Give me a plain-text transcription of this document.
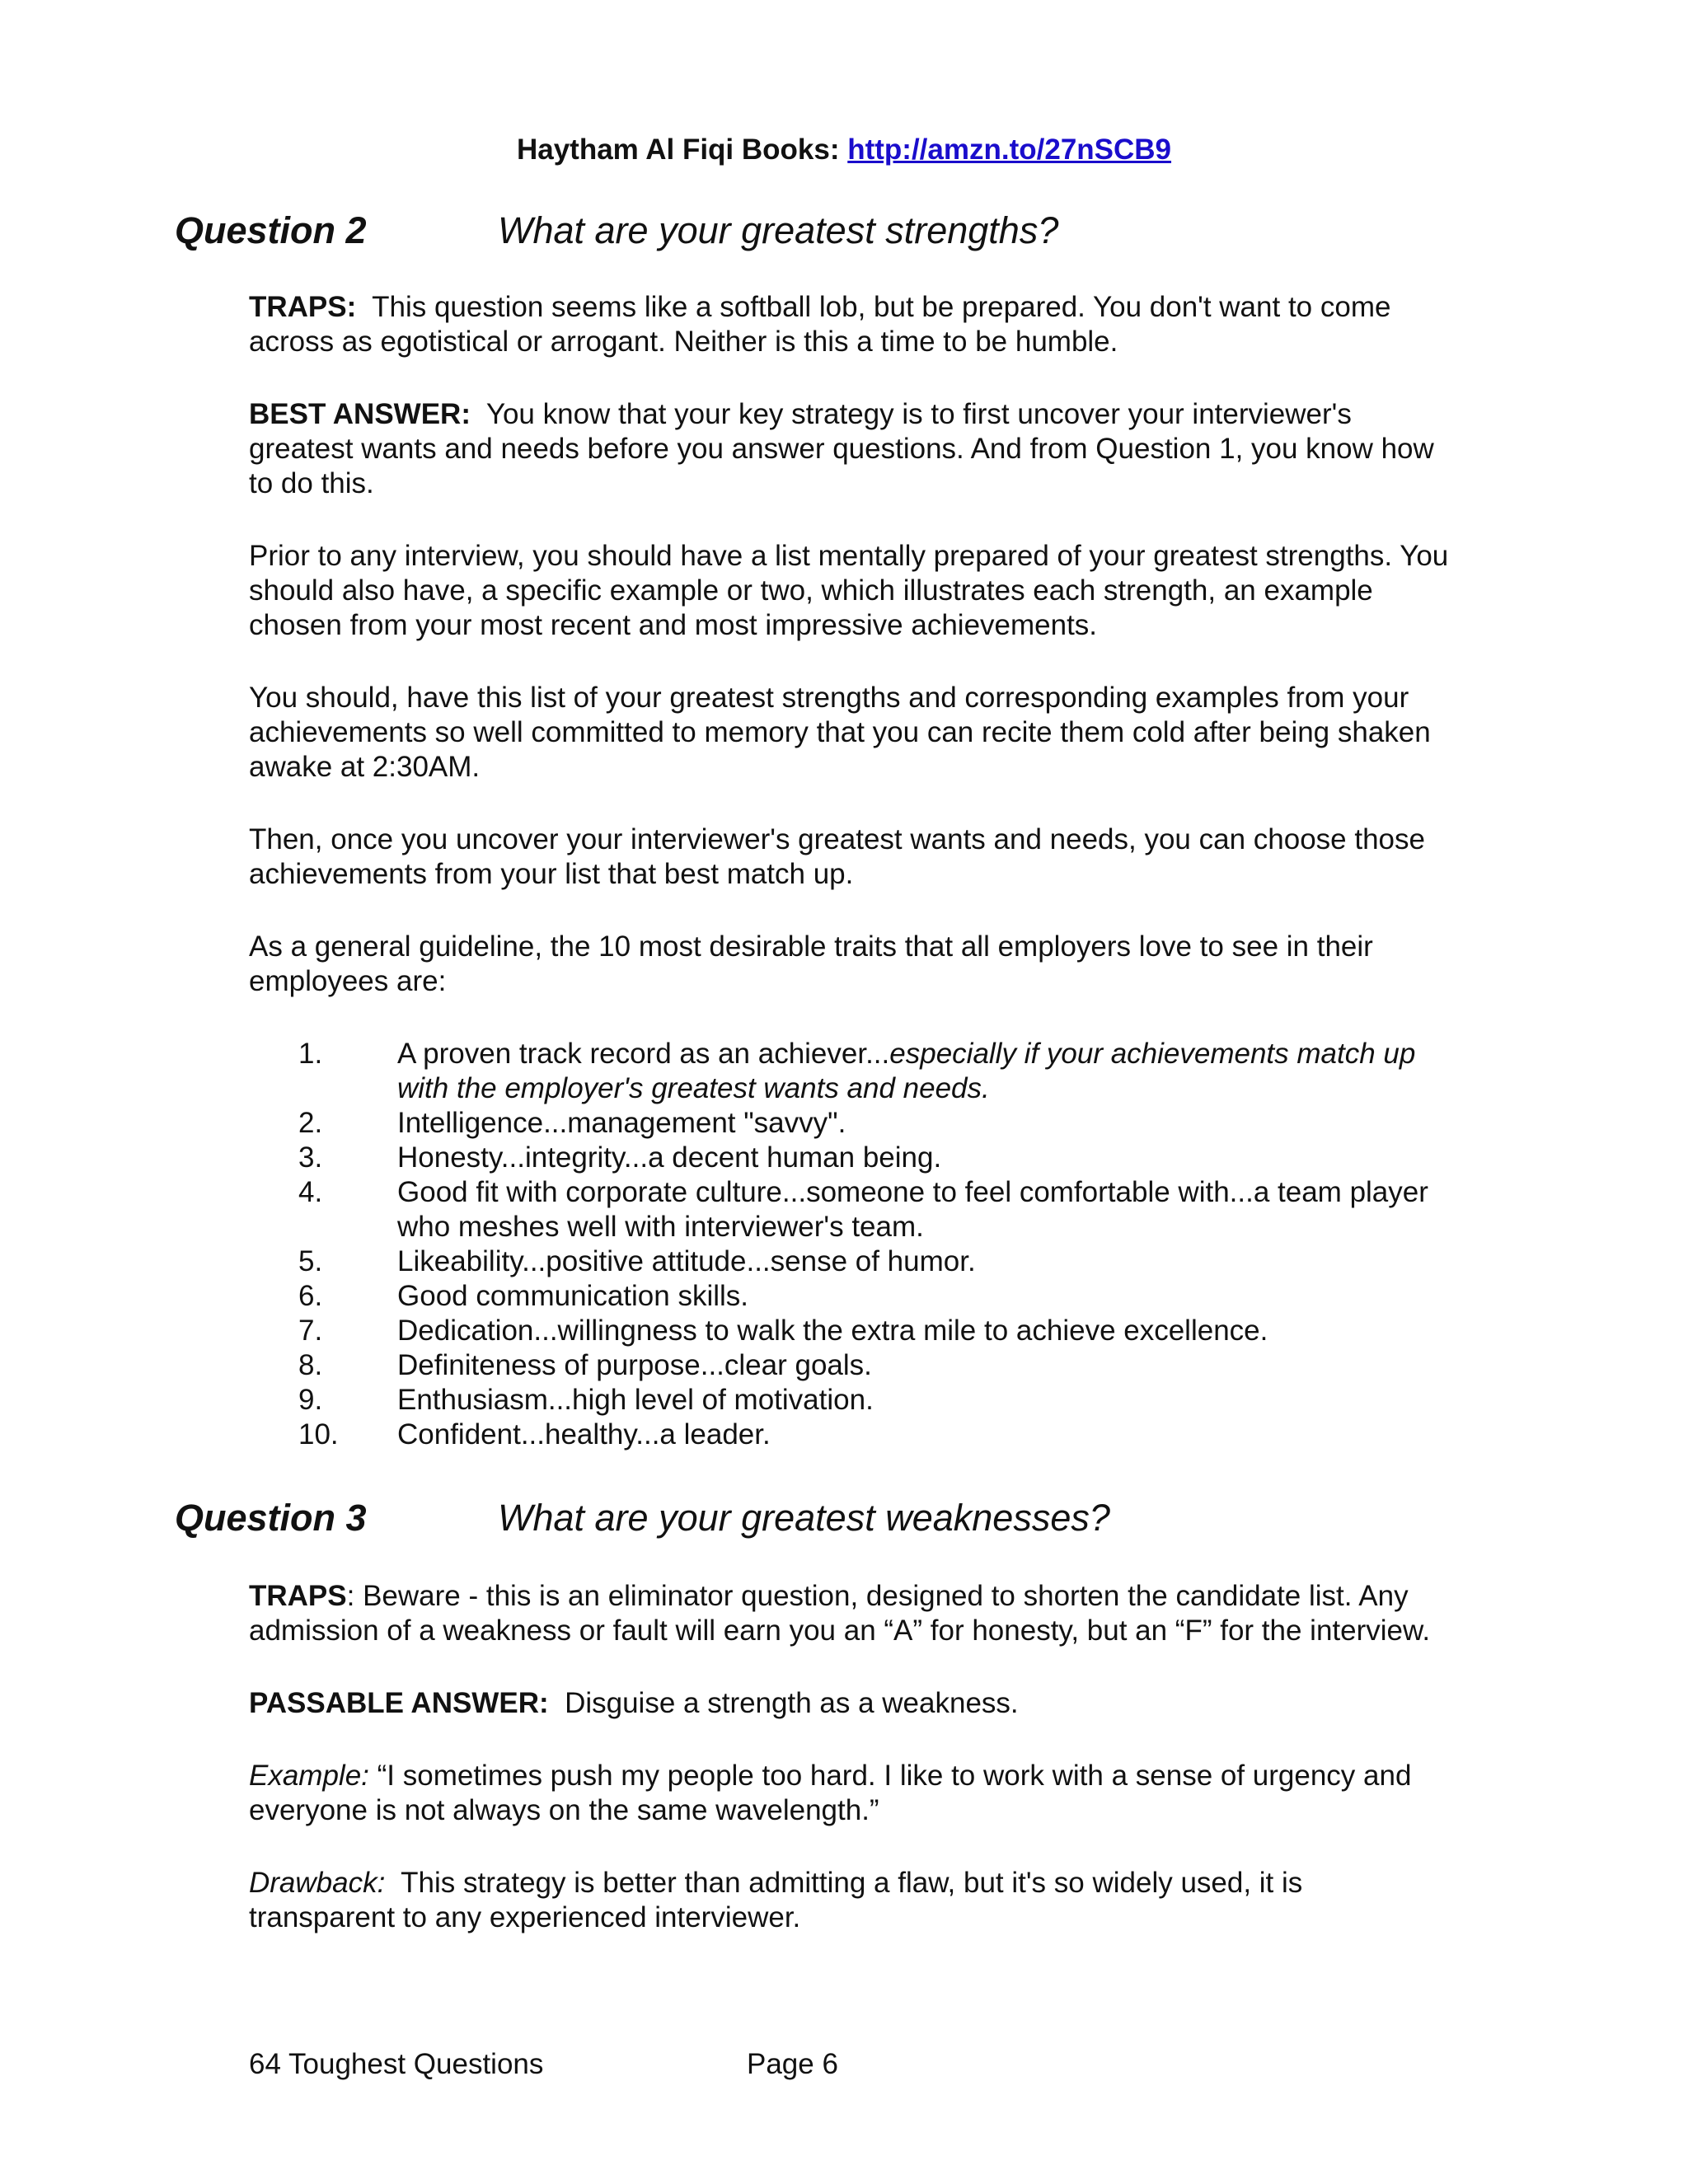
Haytham Al Fiqi Books: http://amzn.to/27nSCB9
Question 2	What are your greatest strengths?

TRAPS: This question seems like a softball lob, but be prepared. You don't want to come across as egotistical or arrogant. Neither is this a time to be humble.

BEST ANSWER: You know that your key strategy is to first uncover your interviewer's greatest wants and needs before you answer questions. And from Question 1, you know how to do this.

Prior to any interview, you should have a list mentally prepared of your greatest strengths. You should also have, a specific example or two, which illustrates each strength, an example chosen from your most recent and most impressive achievements.

You should, have this list of your greatest strengths and corresponding examples from your achievements so well committed to memory that you can recite them cold after being shaken awake at 2:30AM.

Then, once you uncover your interviewer's greatest wants and needs, you can choose those achievements from your list that best match up.

As a general guideline, the 10 most desirable traits that all employers love to see in their employees are:

1.	A proven track record as an achiever...especially if your achievements match up with the employer's greatest wants and needs.
2.	Intelligence...management "savvy".
3.	Honesty...integrity...a decent human being.
4.	Good fit with corporate culture...someone to feel comfortable with...a team player who meshes well with interviewer's team.
5.	Likeability...positive attitude...sense of humor.
6.	Good communication skills.
7.	Dedication...willingness to walk the extra mile to achieve excellence.
8.	Definiteness of purpose...clear goals.
9.	Enthusiasm...high level of motivation.
10.	Confident...healthy...a leader.
Question 3	What are your greatest weaknesses?

TRAPS: Beware - this is an eliminator question, designed to shorten the candidate list. Any admission of a weakness or fault will earn you an “A” for honesty, but an “F” for the interview.

PASSABLE ANSWER: Disguise a strength as a weakness.

Example: “I sometimes push my people too hard. I like to work with a sense of urgency and everyone is not always on the same wavelength.”

Drawback: This strategy is better than admitting a flaw, but it's so widely used, it is transparent to any experienced interviewer.

64 Toughest Questions	Page 6
